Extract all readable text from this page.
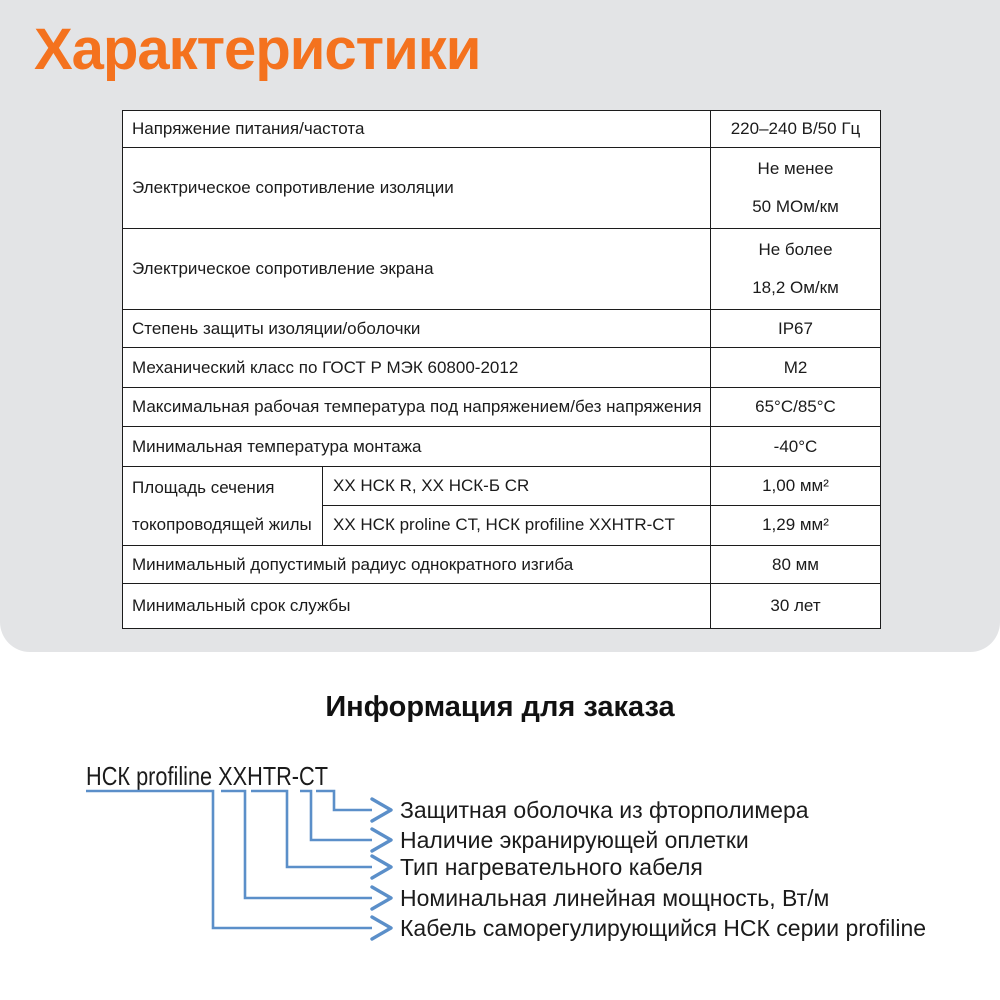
Характеристики
Напряжение питания/частота		220–240 В/50 Гц
Электрическое сопротивление изоляции		Не менее
50 МОм/км

Электрическое сопротивление экрана		Не более
18,2 Ом/км

Степень защиты изоляции/оболочки		IP67
Механический класс по ГОСТ Р МЭК 60800-2012		М2
Максимальная рабочая температура под напряжением/без напряжения		65°С/85°С
Минимальная температура монтажа		-40°С
Площадь сечения
токопроводящей жилы	ХХ НСК R, ХХ НСК-Б CR	1,00 мм²
	ХХ НСК proline CT, НСК profiline XXHTR-CT	1,29 мм²
Минимальный допустимый радиус однократного изгиба		80 мм
Минимальный срок службы		30 лет
Информация для заказа
НСК profiline XXHTR-CT
Защитная оболочка из фторполимера
Наличие экранирующей оплетки
Тип нагревательного кабеля
Номинальная линейная мощность, Вт/м
Кабель саморегулирующийся НСК серии profiline
